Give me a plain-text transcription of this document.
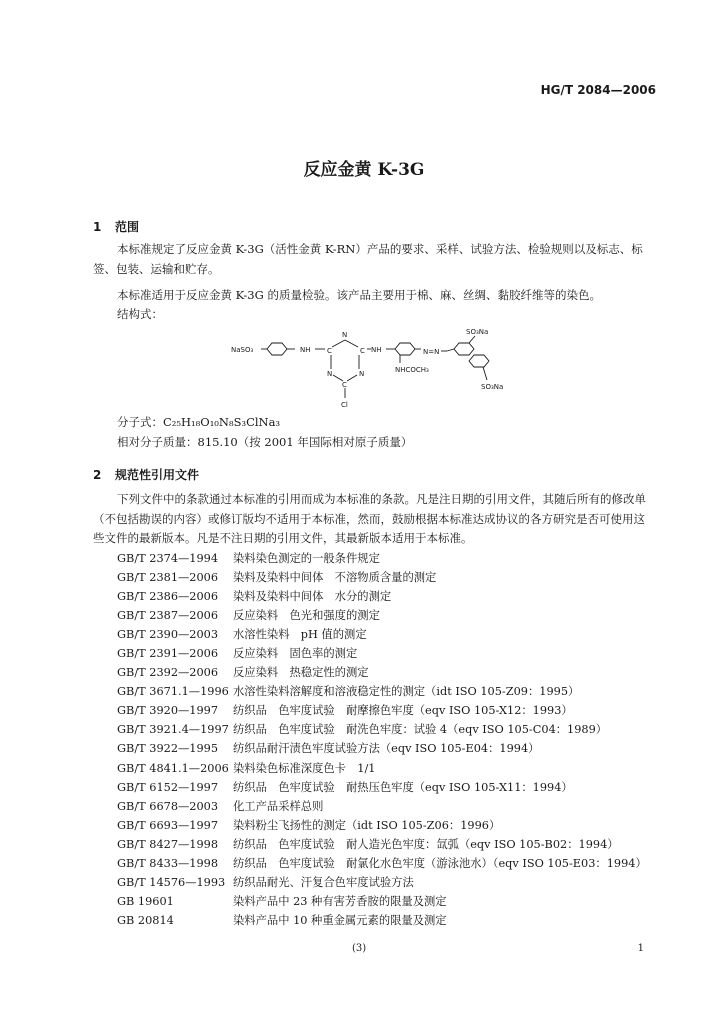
HG/T 2084—2006
反应金黄 K-3G
1 范围
本标准规定了反应金黄 K-3G（活性金黄 K-RN）产品的要求、采样、试验方法、检验规则以及标志、标签、包装、运输和贮存。
本标准适用于反应金黄 K-3G 的质量检验。该产品主要用于棉、麻、丝绸、黏胶纤维等的染色。
结构式：
NaSO₃	NH
N
C	C
N	N
C
Cl
NH	N=N
NHCOCH₃
SO₃Na
SO₃Na
分子式：C₂₅H₁₈O₁₀N₈S₃ClNa₃
相对分子质量：815.10（按 2001 年国际相对原子质量）
2 规范性引用文件
下列文件中的条款通过本标准的引用而成为本标准的条款。凡是注日期的引用文件，其随后所有的修改单（不包括勘误的内容）或修订版均不适用于本标准，然而，鼓励根据本标准达成协议的各方研究是否可使用这些文件的最新版本。凡是不注日期的引用文件，其最新版本适用于本标准。
GB/T 2374—1994 染料染色测定的一般条件规定
GB/T 2381—2006 染料及染料中间体　不溶物质含量的测定
GB/T 2386—2006 染料及染料中间体　水分的测定
GB/T 2387—2006 反应染料　色光和强度的测定
GB/T 2390—2003 水溶性染料　pH 值的测定
GB/T 2391—2006 反应染料　固色率的测定
GB/T 2392—2006 反应染料　热稳定性的测定
GB/T 3671.1—1996 水溶性染料溶解度和溶液稳定性的测定（idt ISO 105-Z09：1995）
GB/T 3920—1997 纺织品　色牢度试验　耐摩擦色牢度（eqv ISO 105-X12：1993）
GB/T 3921.4—1997 纺织品　色牢度试验　耐洗色牢度：试验 4（eqv ISO 105-C04：1989）
GB/T 3922—1995 纺织品耐汗渍色牢度试验方法（eqv ISO 105-E04：1994）
GB/T 4841.1—2006 染料染色标准深度色卡　1/1
GB/T 6152—1997 纺织品　色牢度试验　耐热压色牢度（eqv ISO 105-X11：1994）
GB/T 6678—2003 化工产品采样总则
GB/T 6693—1997 染料粉尘飞扬性的测定（idt ISO 105-Z06：1996）
GB/T 8427—1998 纺织品　色牢度试验　耐人造光色牢度：氙弧（eqv ISO 105-B02：1994）
GB/T 8433—1998 纺织品　色牢度试验　耐氯化水色牢度（游泳池水）（eqv ISO 105-E03：1994）
GB/T 14576—1993 纺织品耐光、汗复合色牢度试验方法
GB 19601	染料产品中 23 种有害芳香胺的限量及测定
GB 20814	染料产品中 10 种重金属元素的限量及测定
(3)	1
